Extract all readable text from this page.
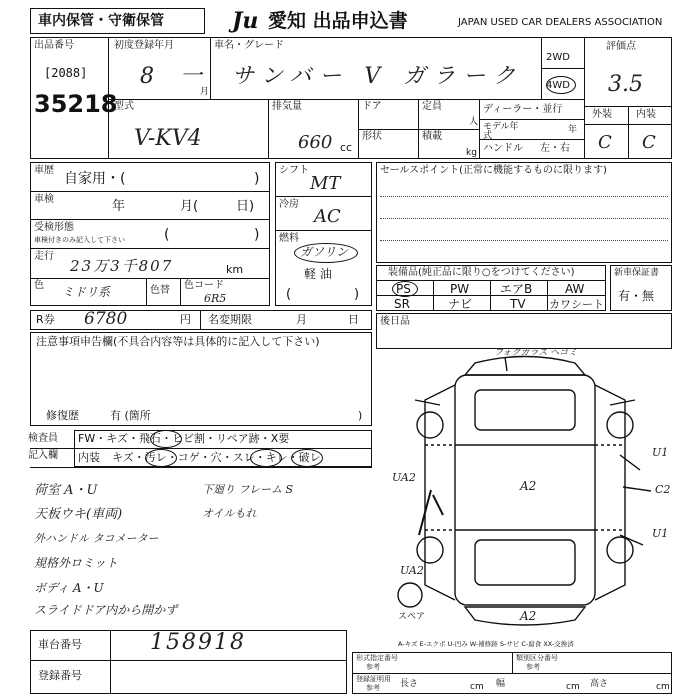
車内保管・守衛保管	Ju 愛知 出品申込書	JAPAN USED CAR DEALERS ASSOCIATION
出品番号
[2088]
35218
初度登録年月
8 一
月
車名・グレード
サンバー V ガラーク
2WD
4WD
評価点
3.5
型式
V-KV4
排気量
660 cc
ドア	定員
人
形状	積載
kg
ディーラー・並行
モデル年式
年
ハンドル 左・右
外装 内装
C C
車歴
自家用・(	)
車検	年	月(	日)
受検形態
車検付きのみ記入して下さい	(	)
走行
23万3千807	km
色 ミドリ系	色替 色コード
6R5
シフト
MT
冷房
AC
燃料
ガソリン
軽 油
(	)
セールスポイント(正常に機能するものに限ります)
装備品(純正品に限り○をつけてください)
PS	PW	エアB	AW
SR	ナビ	TV カワシート
新車保証書
有・無
R券 6780	円 名変期限	月	日 後日品
注意事項申告欄(不具合内容等は具体的に記入して下さい)
修復歴	有 (箇所	)
検査員
記入欄
FW・キズ・飛石・ヒビ割・リペア跡・X要
内装 キズ・汚レ・コゲ・穴・スレ・キレ・破レ
荷室 A・U
天板ウキ(車両)
外ハンドル タコメーター
規格外ロミット
ボディ A・U
スライドドア内から開かず
下廻り フレーム S
オイルもれ
車台番号	158918
登録番号
A-キズ E-エクボ U-凹み W-補修跡 S-サビ C-腐食 XX-交換済
形式指定番号
参考
類別区分番号
参考
登録証明用
参考 長さ	cm 幅	cm 高さ	cm
フォグガラス ヘコミ
A2
UA2
UA2
U1
C2
U1
A2
スペア
